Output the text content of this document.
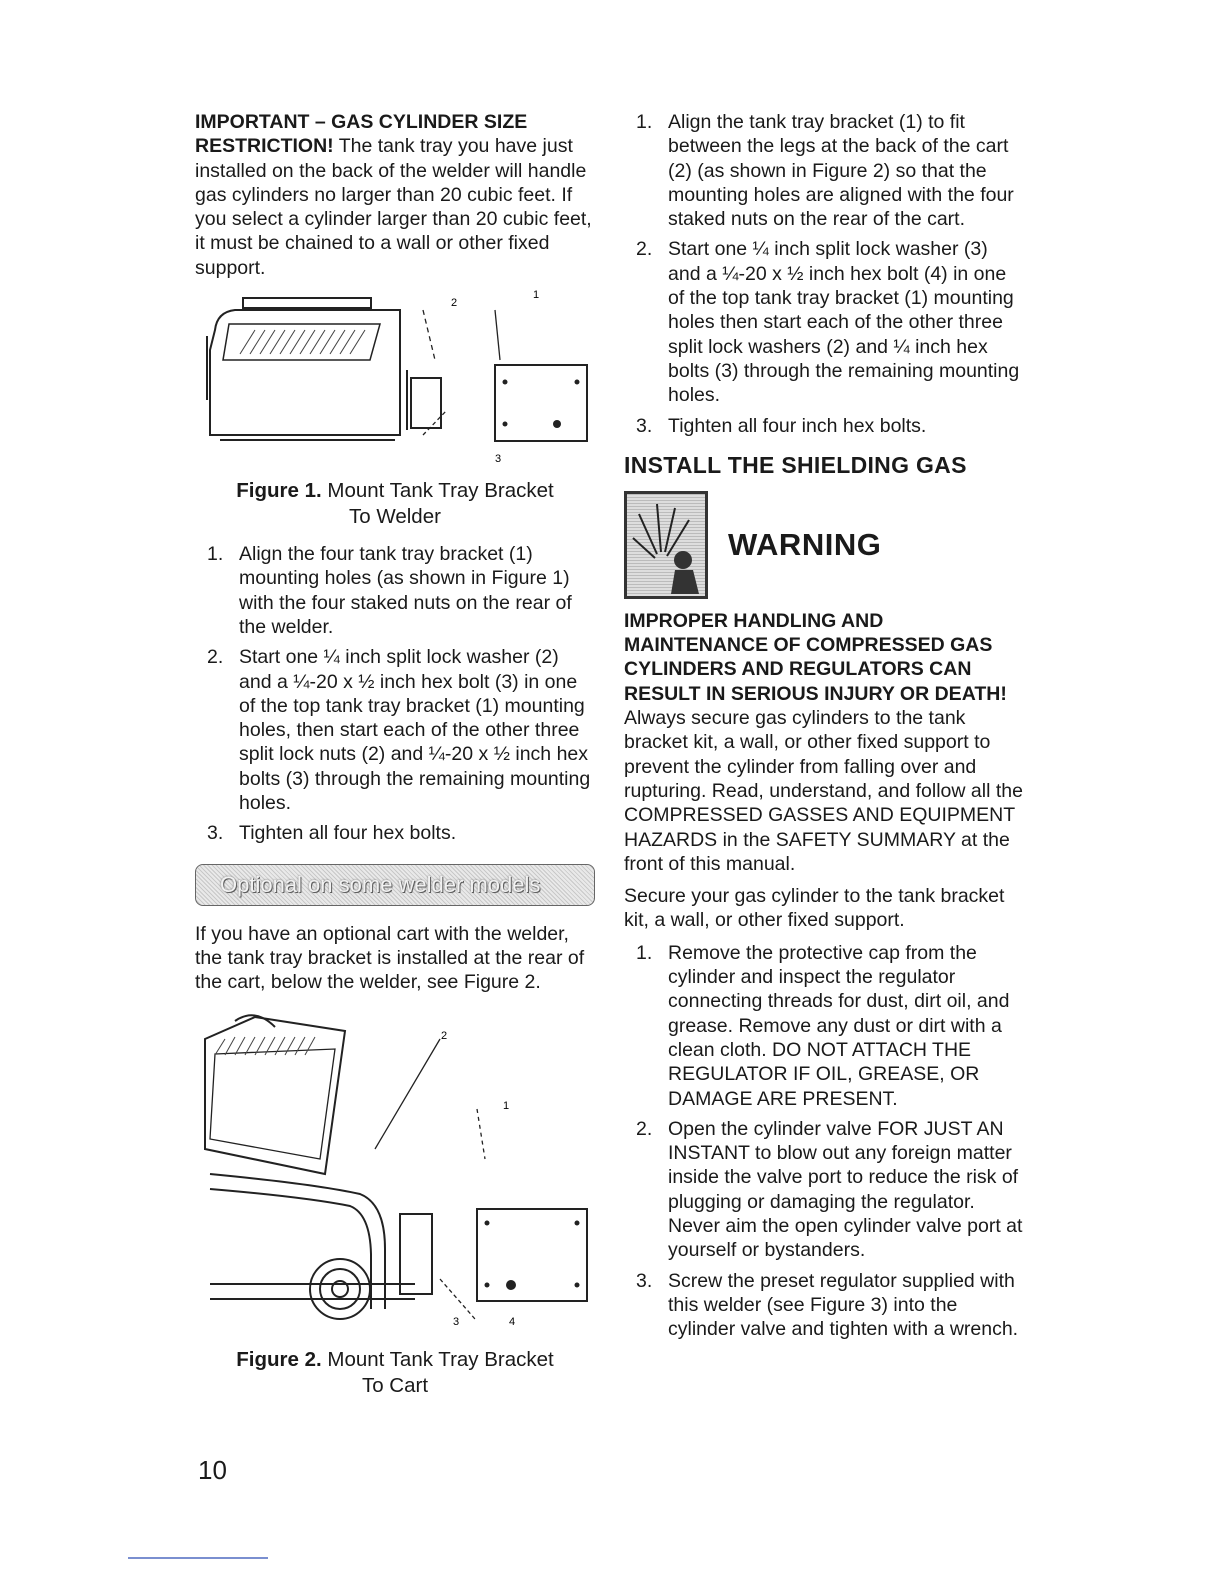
IMPORTANT – GAS CYLINDER SIZE RESTRICTION! The tank tray you have just installed on the back of the welder will handle gas cylinders no larger than 20 cubic feet. If you select a cylinder larger than 20 cubic feet, it must be chained to a wall or other fixed support.

2
1
3
Figure 1. Mount Tank Tray Bracket
To Welder
1. Align the four tank tray bracket (1) mounting holes (as shown in Figure 1) with the four staked nuts on the rear of the welder.
2. Start one ¼ inch split lock washer (2) and a ¼-20 x ½ inch hex bolt (3) in one of the top tank tray bracket (1) mounting holes, then start each of the other three split lock nuts (2) and ¼-20 x ½ inch hex bolts (3) through the remaining mounting holes.
3. Tighten all four hex bolts.
Optional on some welder models

If you have an optional cart with the welder, the tank tray bracket is installed at the rear of the cart, below the welder, see Figure 2.

2
1
3	4
Figure 2. Mount Tank Tray Bracket
To Cart
1. Align the tank tray bracket (1) to fit between the legs at the back of the cart (2) (as shown in Figure 2) so that the mounting holes are aligned with the four staked nuts on the rear of the cart.
2. Start one ¼ inch split lock washer (3) and a ¼-20 x ½ inch hex bolt (4) in one of the top tank tray bracket (1) mounting holes then start each of the other three split lock washers (2) and ¼ inch hex bolts (3) through the remaining mounting holes.
3. Tighten all four inch hex bolts.
INSTALL THE SHIELDING GAS
WARNING

IMPROPER HANDLING AND MAINTENANCE OF COMPRESSED GAS CYLINDERS AND REGULATORS CAN RESULT IN SERIOUS INJURY OR DEATH! Always secure gas cylinders to the tank bracket kit, a wall, or other fixed support to prevent the cylinder from falling over and rupturing. Read, understand, and follow all the COMPRESSED GASSES AND EQUIPMENT HAZARDS in the SAFETY SUMMARY at the front of this manual.

Secure your gas cylinder to the tank bracket kit, a wall, or other fixed support.

1. Remove the protective cap from the cylinder and inspect the regulator connecting threads for dust, dirt oil, and grease. Remove any dust or dirt with a clean cloth. DO NOT ATTACH THE REGULATOR IF OIL, GREASE, OR DAMAGE ARE PRESENT.
2. Open the cylinder valve FOR JUST AN INSTANT to blow out any foreign matter inside the valve port to reduce the risk of plugging or damaging the regulator. Never aim the open cylinder valve port at yourself or bystanders.
3. Screw the preset regulator supplied with this welder (see Figure 3) into the cylinder valve and tighten with a wrench.
10
